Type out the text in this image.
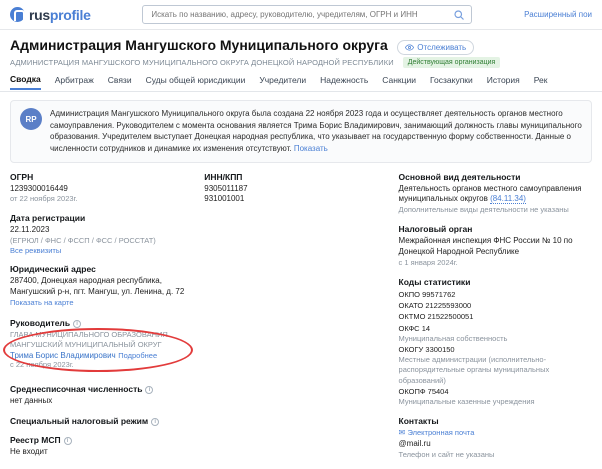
rusprofile
Искать по названию, адресу, руководителю, учредителям, ОГРН и ИНН	Расширенный пои
Администрация Мангушского Муниципального округа	Отслеживать
АДМИНИСТРАЦИЯ МАНГУШСКОГО МУНИЦИПАЛЬНОГО ОКРУГА ДОНЕЦКОЙ НАРОДНОЙ РЕСПУБЛИКИ	Действующая организация
Сводка Арбитраж Связи Суды общей юрисдикции Учредители Надежность Санкции Госзакупки История Рек
RP
Администрация Мангушского Муниципального округа была создана 22 ноября 2023 года и осуществляет деятельность органов местного самоуправления. Руководителем с момента основания является Трима Борис Владимирович, занимающий должность главы муниципального образования. Учредителем выступает Донецкая народная республика, что указывает на государственную форму собственности. Данные о численности сотрудников и динамике их изменения отсутствуют. Показать
ОГРН
1239300016449
от 22 ноября 2023г.
Дата регистрации
22.11.2023
(ЕГРЮЛ / ФНС / ФССП / ФСС / РОССТАТ)
Все реквизиты
Юридический адрес
287400, Донецкая народная республика, Мангушский р-н, пгт. Мангуш, ул. Ленина, д. 72
Показать на карте
Руководитель i
ГЛАВА МУНИЦИПАЛЬНОГО ОБРАЗОВАНИЯ МАНГУШСКИЙ МУНИЦИПАЛЬНЫЙ ОКРУГ
Трима Борис Владимирович Подробнее
с 22 ноября 2023г.
Среднесписочная численность i
нет данных
Специальный налоговый режим i
Реестр МСП i
Не входит
ИНН/КПП
9305011187
931001001
Основной вид деятельности
Деятельность органов местного самоуправления муниципальных округов (84.11.34)
Дополнительные виды деятельности не указаны
Налоговый орган
Межрайонная инспекция ФНС России № 10 по Донецкой Народной Республике
с 1 января 2024г.
Коды статистики
ОКПО 99571762
ОКАТО 21225593000
ОКТМО 21522500051
ОКФС 14
Муниципальная собственность
ОКОГУ 3300150
Местные администрации (исполнительно-распорядительные органы муниципальных образований)
ОКОПФ 75404
Муниципальные казенные учреждения
Контакты
✉ Электронная почта
@mail.ru
Телефон и сайт не указаны
